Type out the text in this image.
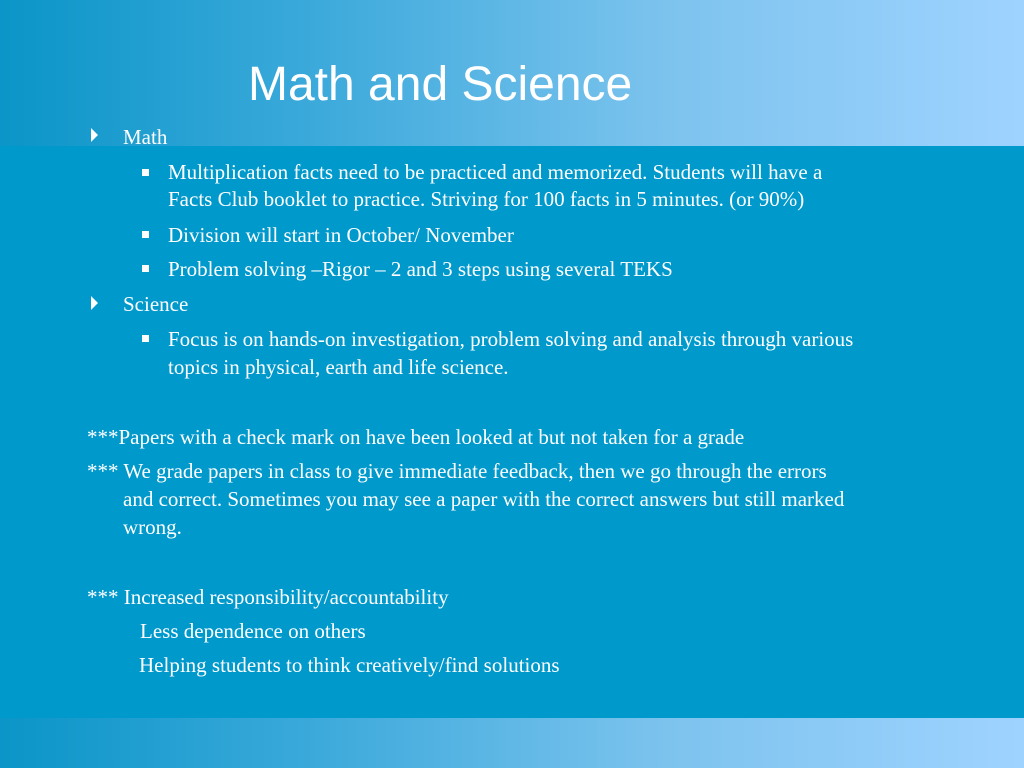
Math and Science
Math
Multiplication facts need to be practiced and memorized. Students will have a
Facts Club booklet to practice. Striving for 100 facts in 5 minutes. (or 90%)
Division will start in October/ November
Problem solving –Rigor – 2 and 3 steps using several TEKS
Science
Focus is on hands-on investigation, problem solving and analysis through various
topics in physical, earth and life science.
***Papers with a check mark on have been looked at but not taken for a grade
*** We grade papers in class to give immediate feedback, then we go through the errors
and correct. Sometimes you may see a paper with the correct answers but still marked
wrong.
*** Increased responsibility/accountability
Less dependence on others
Helping students to think creatively/find solutions
